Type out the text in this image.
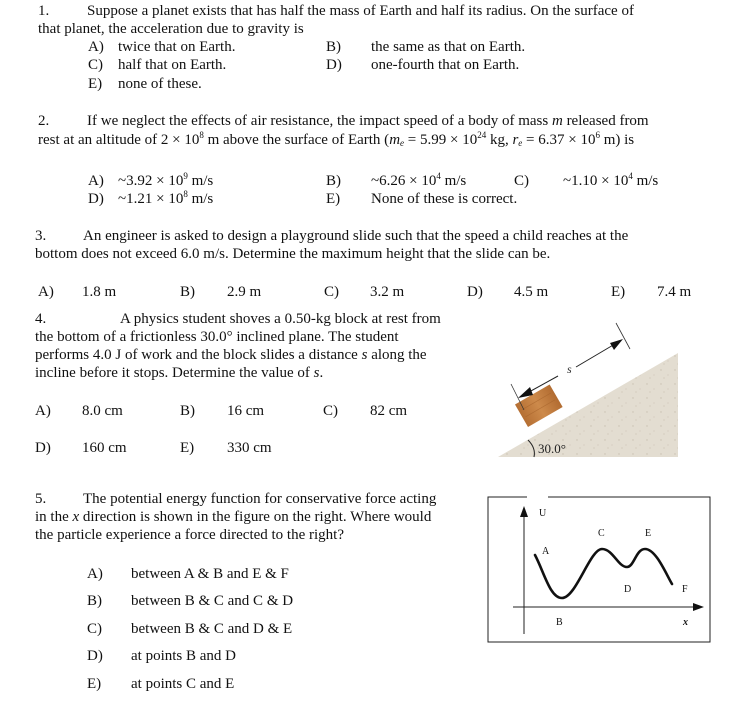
1.	Suppose a planet exists that has half the mass of Earth and half its radius. On the surface of
that planet, the acceleration due to gravity is
A) twice that on Earth.	B) the same as that on Earth.
C) half that on Earth.	D) one-fourth that on Earth.
E) none of these.
2.	If we neglect the effects of air resistance, the impact speed of a body of mass m released from
rest at an altitude of $2 \times 10^8$ m above the surface of Earth ($m_e = 5.99 \times 10^{24}$ kg, $r_e = 6.37 \times 10^6$ m) is
A) ~3.92 × $10^9$ m/s	B) ~6.26 × $10^4$ m/s	C) ~1.10 × $10^4$ m/s
D) ~1.21 × $10^8$ m/s	E) None of these is correct.
3. An engineer is asked to design a playground slide such that the speed a child reaches at the
bottom does not exceed 6.0 m/s. Determine the maximum height that the slide can be.
A) 1.8 m	B) 2.9 m	C) 3.2 m	D) 4.5 m	E) 7.4 m
4.	A physics student shoves a 0.50-kg block at rest from
the bottom of a frictionless 30.0° inclined plane. The student
performs 4.0 J of work and the block slides a distance s along the
incline before it stops. Determine the value of s.
A) 8.0 cm	B) 16 cm	C) 82 cm
D) 160 cm	E) 330 cm
s
30.0°
5. The potential energy function for conservative force acting
in the x direction is shown in the figure on the right. Where would
the particle experience a force directed to the right?
A) between A & B and E & F
B) between B & C and C & D
C) between B & C and D & E
D) at points B and D
E) at points C and E
U
A
B
C
D
E
F
x
